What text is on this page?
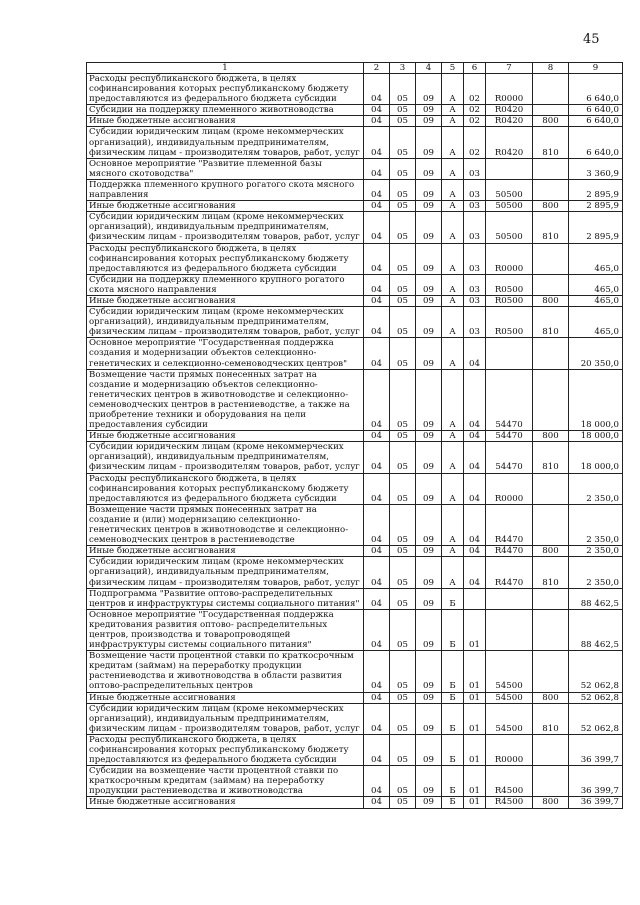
45
1	2	3	4	5	6	7	8	9
Расходы республиканского бюджета, в целях софинансирования которых республиканскому бюджету предоставляются из федерального бюджета субсидии	04	05	09	А	02	R0000		6 640,0
Субсидии на поддержку племенного животноводства	04	05	09	А	02	R0420		6 640,0
Иные бюджетные ассигнования	04	05	09	А	02	R0420	800	6 640,0
Субсидии юридическим лицам (кроме некоммерческих организаций), индивидуальным предпринимателям, физическим лицам - производителям товаров, работ, услуг	04	05	09	А	02	R0420	810	6 640,0
Основное мероприятие "Развитие племенной базы мясного скотоводства"	04	05	09	А	03			3 360,9
Поддержка племенного крупного рогатого скота мясного направления	04	05	09	А	03	50500		2 895,9
Иные бюджетные ассигнования	04	05	09	А	03	50500	800	2 895,9
Субсидии юридическим лицам (кроме некоммерческих организаций), индивидуальным предпринимателям, физическим лицам - производителям товаров, работ, услуг	04	05	09	А	03	50500	810	2 895,9
Расходы республиканского бюджета, в целях софинансирования которых республиканскому бюджету предоставляются из федерального бюджета субсидии	04	05	09	А	03	R0000		465,0
Субсидии на поддержку племенного крупного рогатого скота мясного направления	04	05	09	А	03	R0500		465,0
Иные бюджетные ассигнования	04	05	09	А	03	R0500	800	465,0
Субсидии юридическим лицам (кроме некоммерческих организаций), индивидуальным предпринимателям, физическим лицам - производителям товаров, работ, услуг	04	05	09	А	03	R0500	810	465,0
Основное мероприятие "Государственная поддержка создания и модернизации объектов селекционно-генетических и селекционно-семеноводческих центров"	04	05	09	А	04			20 350,0
Возмещение части прямых понесенных затрат на создание и модернизацию объектов селекционно-генетических центров в животноводстве и селекционно-семеноводческих центров в растениеводстве, а также на приобретение техники и оборудования на цели предоставления субсидии	04	05	09	А	04	54470		18 000,0
Иные бюджетные ассигнования	04	05	09	А	04	54470	800	18 000,0
Субсидии юридическим лицам (кроме некоммерческих организаций), индивидуальным предпринимателям, физическим лицам - производителям товаров, работ, услуг	04	05	09	А	04	54470	810	18 000,0
Расходы республиканского бюджета, в целях софинансирования которых республиканскому бюджету предоставляются из федерального бюджета субсидии	04	05	09	А	04	R0000		2 350,0
Возмещение части прямых понесенных затрат на создание и (или) модернизацию селекционно-генетических центров в животноводстве и селекционно-семеноводческих центров в растениеводстве	04	05	09	А	04	R4470		2 350,0
Иные бюджетные ассигнования	04	05	09	А	04	R4470	800	2 350,0
Субсидии юридическим лицам (кроме некоммерческих организаций), индивидуальным предпринимателям, физическим лицам - производителям товаров, работ, услуг	04	05	09	А	04	R4470	810	2 350,0
Подпрограмма "Развитие оптово-распределительных центров и инфраструктуры системы социального питания"	04	05	09	Б				88 462,5
Основное мероприятие "Государственная поддержка кредитования развития оптово- распределительных центров, производства и товаропроводящей инфраструктуры системы социального питания"	04	05	09	Б	01			88 462,5
Возмещение части процентной ставки по краткосрочным кредитам (займам) на переработку продукции растениеводства и животноводства в области развития оптово-распределительных центров	04	05	09	Б	01	54500		52 062,8
Иные бюджетные ассигнования	04	05	09	Б	01	54500	800	52 062,8
Субсидии юридическим лицам (кроме некоммерческих организаций), индивидуальным предпринимателям, физическим лицам - производителям товаров, работ, услуг	04	05	09	Б	01	54500	810	52 062,8
Расходы республиканского бюджета, в целях софинансирования которых республиканскому бюджету предоставляются из федерального бюджета субсидии	04	05	09	Б	01	R0000		36 399,7
Субсидии на возмещение части процентной ставки по краткосрочным кредитам (займам) на переработку продукции растениеводства и животноводства	04	05	09	Б	01	R4500		36 399,7
Иные бюджетные ассигнования	04	05	09	Б	01	R4500	800	36 399,7
